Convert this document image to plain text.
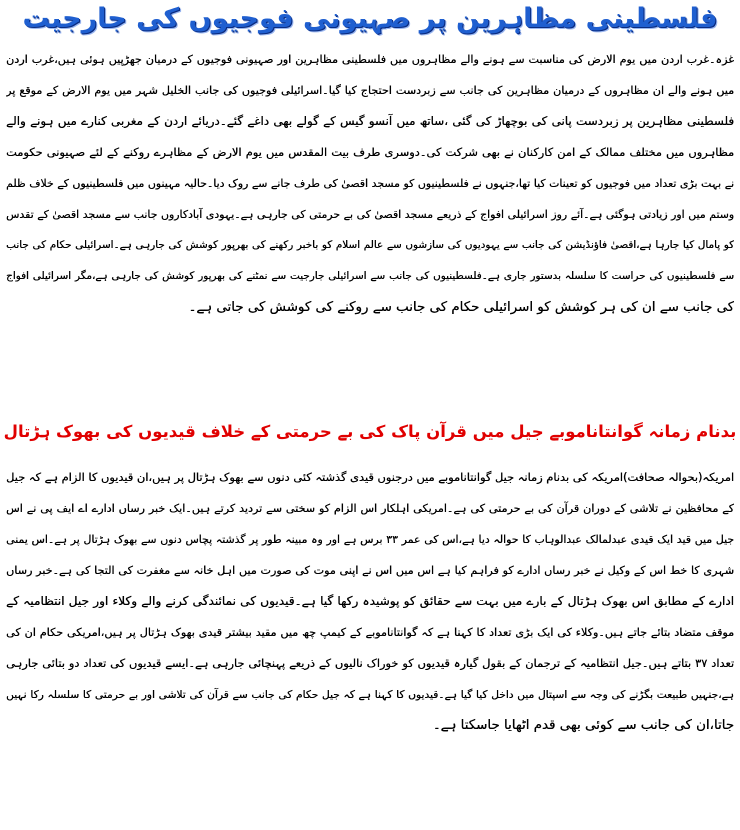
فلسطینی مظاہرین پر صہیونی فوجیوں کی جارجیت
غزہ۔غرب اردن میں یوم الارض کی مناسبت سے ہونے والے مظاہروں میں فلسطینی مظاہرین اور صہیونی فوجیوں کے درمیان جھڑپیں ہوئی ہیں،غرب اردن
میں ہونے والے ان مظاہروں کے درمیان مظاہرین کی جانب سے زبردست احتجاج کیا گیا۔اسرائیلی فوجیوں کی جانب الخلیل شہر میں یوم الارض کے موقع پر
فلسطینی مظاہرین پر زبردست پانی کی بوچھاڑ کی گئی ،ساتھ میں آنسو گیس کے گولے بھی داغے گئے۔دریائے اردن کے مغربی کنارے میں ہونے والے
مظاہروں میں مختلف ممالک کے امن کارکنان نے بھی شرکت کی۔دوسری طرف بیت المقدس میں یوم الارض کے مظاہرے روکنے کے لئے صہیونی حکومت
نے بہت بڑی تعداد میں فوجیوں کو تعینات کیا تھا،جنہوں نے فلسطینیوں کو مسجد اقصیٰ کی طرف جانے سے روک دیا۔حالیہ مہینوں میں فلسطینیوں کے خلاف ظلم
وستم میں اور زیادتی ہوگئی ہے۔آئے روز اسرائیلی افواج کے ذریعے مسجد اقصیٰ کی بے حرمتی کی جارہی ہے۔یہودی آبادکاروں جانب سے مسجد اقصیٰ کے تقدس
کو پامال کیا جارہا ہے،اقصیٰ فاؤنڈیشن کی جانب سے یہودیوں کی سازشوں سے عالم اسلام کو باخبر رکھنے کی بھرپور کوشش کی جارہی ہے۔اسرائیلی حکام کی جانب
سے فلسطینیوں کی حراست کا سلسلہ بدستور جاری ہے۔فلسطینیوں کی جانب سے اسرائیلی جارجیت سے نمٹنے کی بھرپور کوشش کی جارہی ہے،مگر اسرائیلی افواج
کی جانب سے ان کی ہر کوشش کو اسرائیلی حکام کی جانب سے روکنے کی کوشش کی جاتی ہے۔
بدنام زمانہ گوانتاناموبے جیل میں قرآن پاک کی بے حرمتی کے خلاف قیدیوں کی بھوک ہڑتال
امریکہ(بحوالہ صحافت)امریکہ کی بدنام زمانہ جیل گوانتاناموبے میں درجنوں قیدی گذشتہ کئی دنوں سے بھوک ہڑتال پر ہیں،ان قیدیوں کا الزام ہے کہ جیل
کے محافظین نے تلاشی کے دوران قرآن کی بے حرمتی کی ہے۔امریکی اہلکار اس الزام کو سختی سے تردید کرتے ہیں۔ایک خبر رساں ادارے اے ایف پی نے اس
جیل میں قید ایک قیدی عبدلمالک عبدالوہاب کا حوالہ دیا ہے،اس کی عمر ۳۳ برس ہے اور وہ مبینہ طور پر گذشتہ پچاس دنوں سے بھوک ہڑتال پر ہے۔اس یمنی
شہری کا خط اس کے وکیل نے خبر رساں ادارے کو فراہم کیا ہے اس میں اس نے اپنی موت کی صورت میں اہل خانہ سے مغفرت کی التجا کی ہے۔خبر رساں
ادارے کے مطابق اس بھوک ہڑتال کے بارے میں بہت سے حقائق کو پوشیدہ رکھا گیا ہے۔قیدیوں کی نمائندگی کرنے والے وکلاء اور جیل انتظامیہ کے
موقف متضاد بتائے جاتے ہیں۔وکلاء کی ایک بڑی تعداد کا کہنا ہے کہ گوانتاناموبے کے کیمپ چھ میں مقید بیشتر قیدی بھوک ہڑتال پر ہیں،امریکی حکام ان کی
تعداد ۳۷ بتاتے ہیں۔جیل انتظامیہ کے ترجمان کے بقول گیارہ قیدیوں کو خوراک نالیوں کے ذریعے پہنچائی جارہی ہے۔ایسے قیدیوں کی تعداد دو بتائی جارہی
ہے،جنہیں طبیعت بگڑنے کی وجہ سے اسپتال میں داخل کیا گیا ہے۔قیدیوں کا کہنا ہے کہ جیل حکام کی جانب سے قرآن کی تلاشی اور بے حرمتی کا سلسلہ رکا نہیں
جاتا،ان کی جانب سے کوئی بھی قدم اٹھایا جاسکتا ہے۔
